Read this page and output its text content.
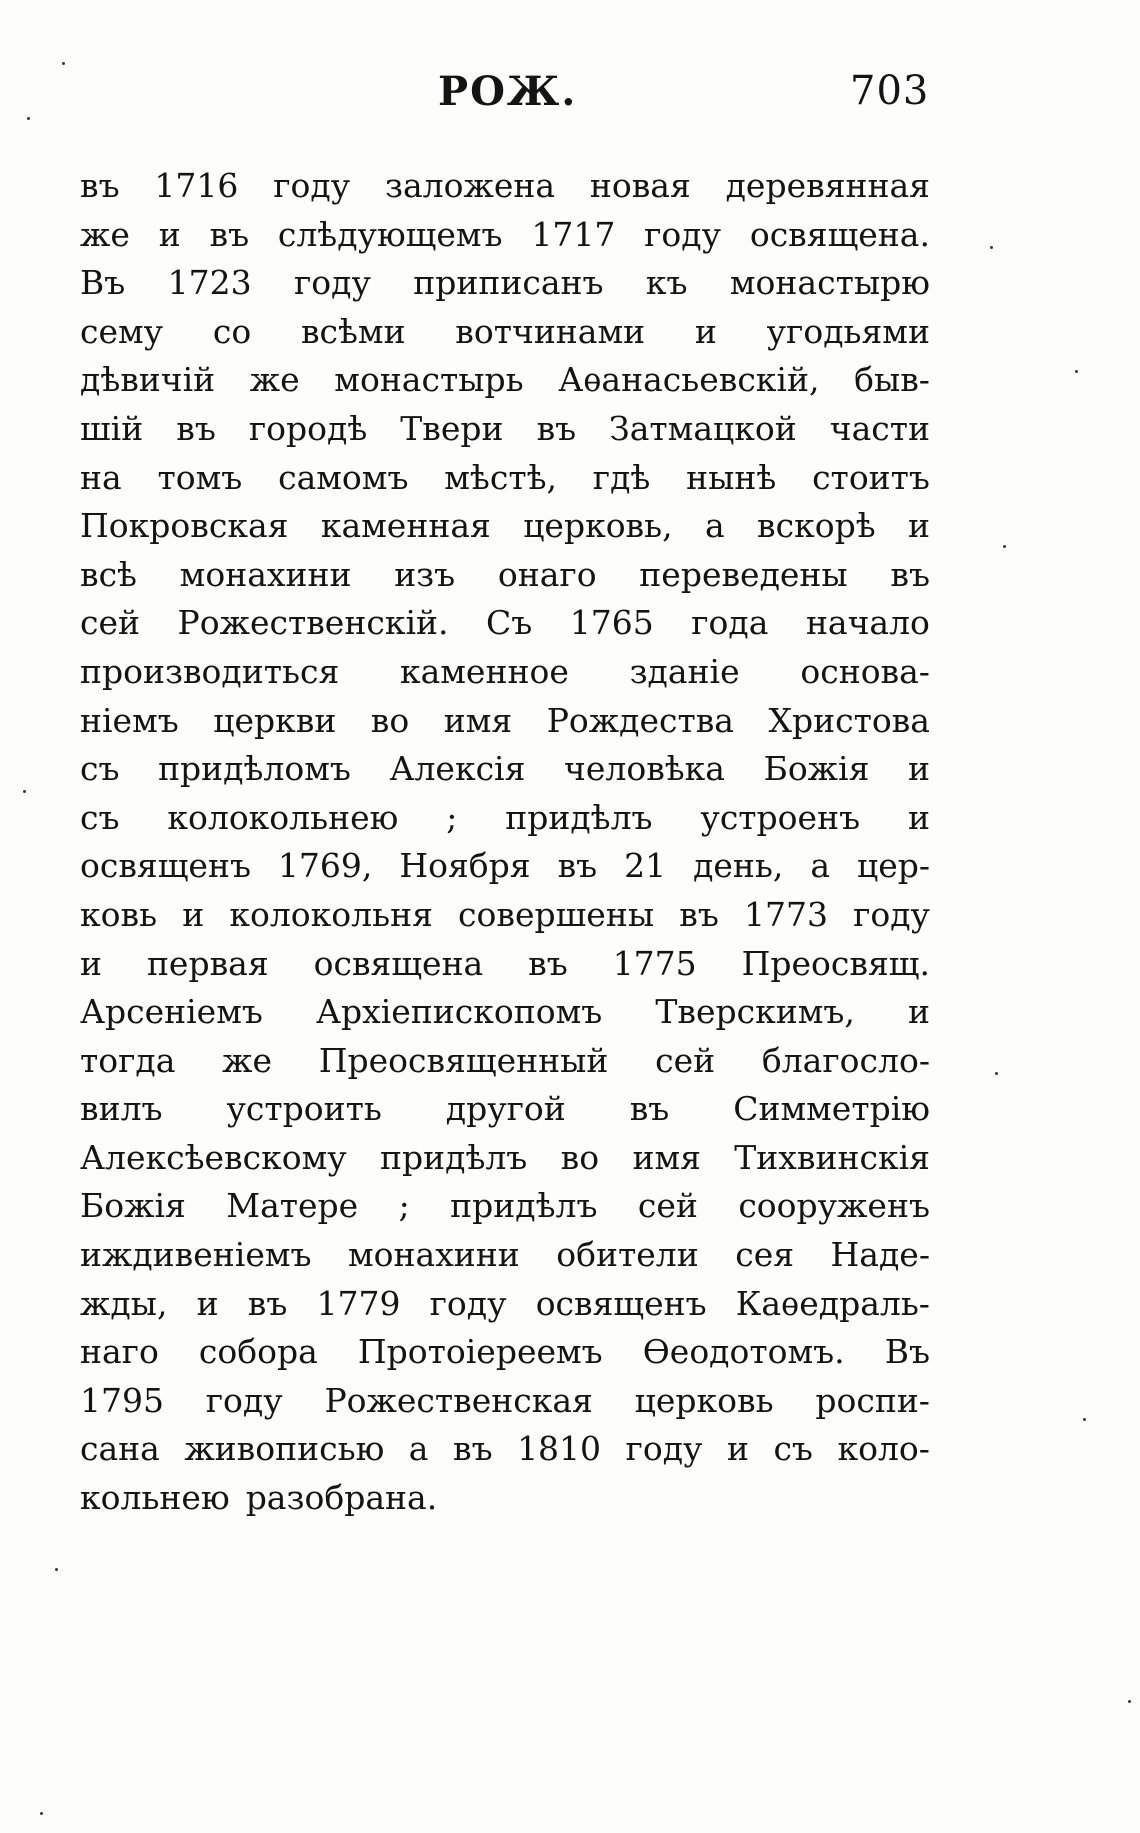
РОЖ.	703
въ 1716 году заложена новая деревянная
же и въ слѣдующемъ 1717 году освящена.
Въ 1723 году приписанъ къ монастырю
сему со всѣми вотчинами и угодьями
дѣвичій же монастырь Аѳанасьевскій, быв-
шій въ городѣ Твери въ Затмацкой части
на томъ самомъ мѣстѣ, гдѣ нынѣ стоитъ
Покровская каменная церковь, а вскорѣ и
всѣ монахини изъ онаго переведены въ
сей Рожественскій. Съ 1765 года начало
производиться каменное зданіе основа-
ніемъ церкви во имя Рождества Христова
съ придѣломъ Алексія человѣка Божія и
съ колокольнею ; придѣлъ устроенъ и
освященъ 1769, Ноября въ 21 день, а цер-
ковь и колокольня совершены въ 1773 году
и первая освящена въ 1775 Преосвящ.
Арсеніемъ Архіепископомъ Тверскимъ, и
тогда же Преосвященный сей благосло-
вилъ устроить другой въ Симметрію
Алексѣевскому придѣлъ во имя Тихвинскія
Божія Матере ; придѣлъ сей сооруженъ
иждивеніемъ монахини обители сея Наде-
жды, и въ 1779 году освященъ Каѳедраль-
наго собора Протоіереемъ Ѳеодотомъ. Въ
1795 году Рожественская церковь роспи-
сана живописью а въ 1810 году и съ коло-
кольнею разобрана.
